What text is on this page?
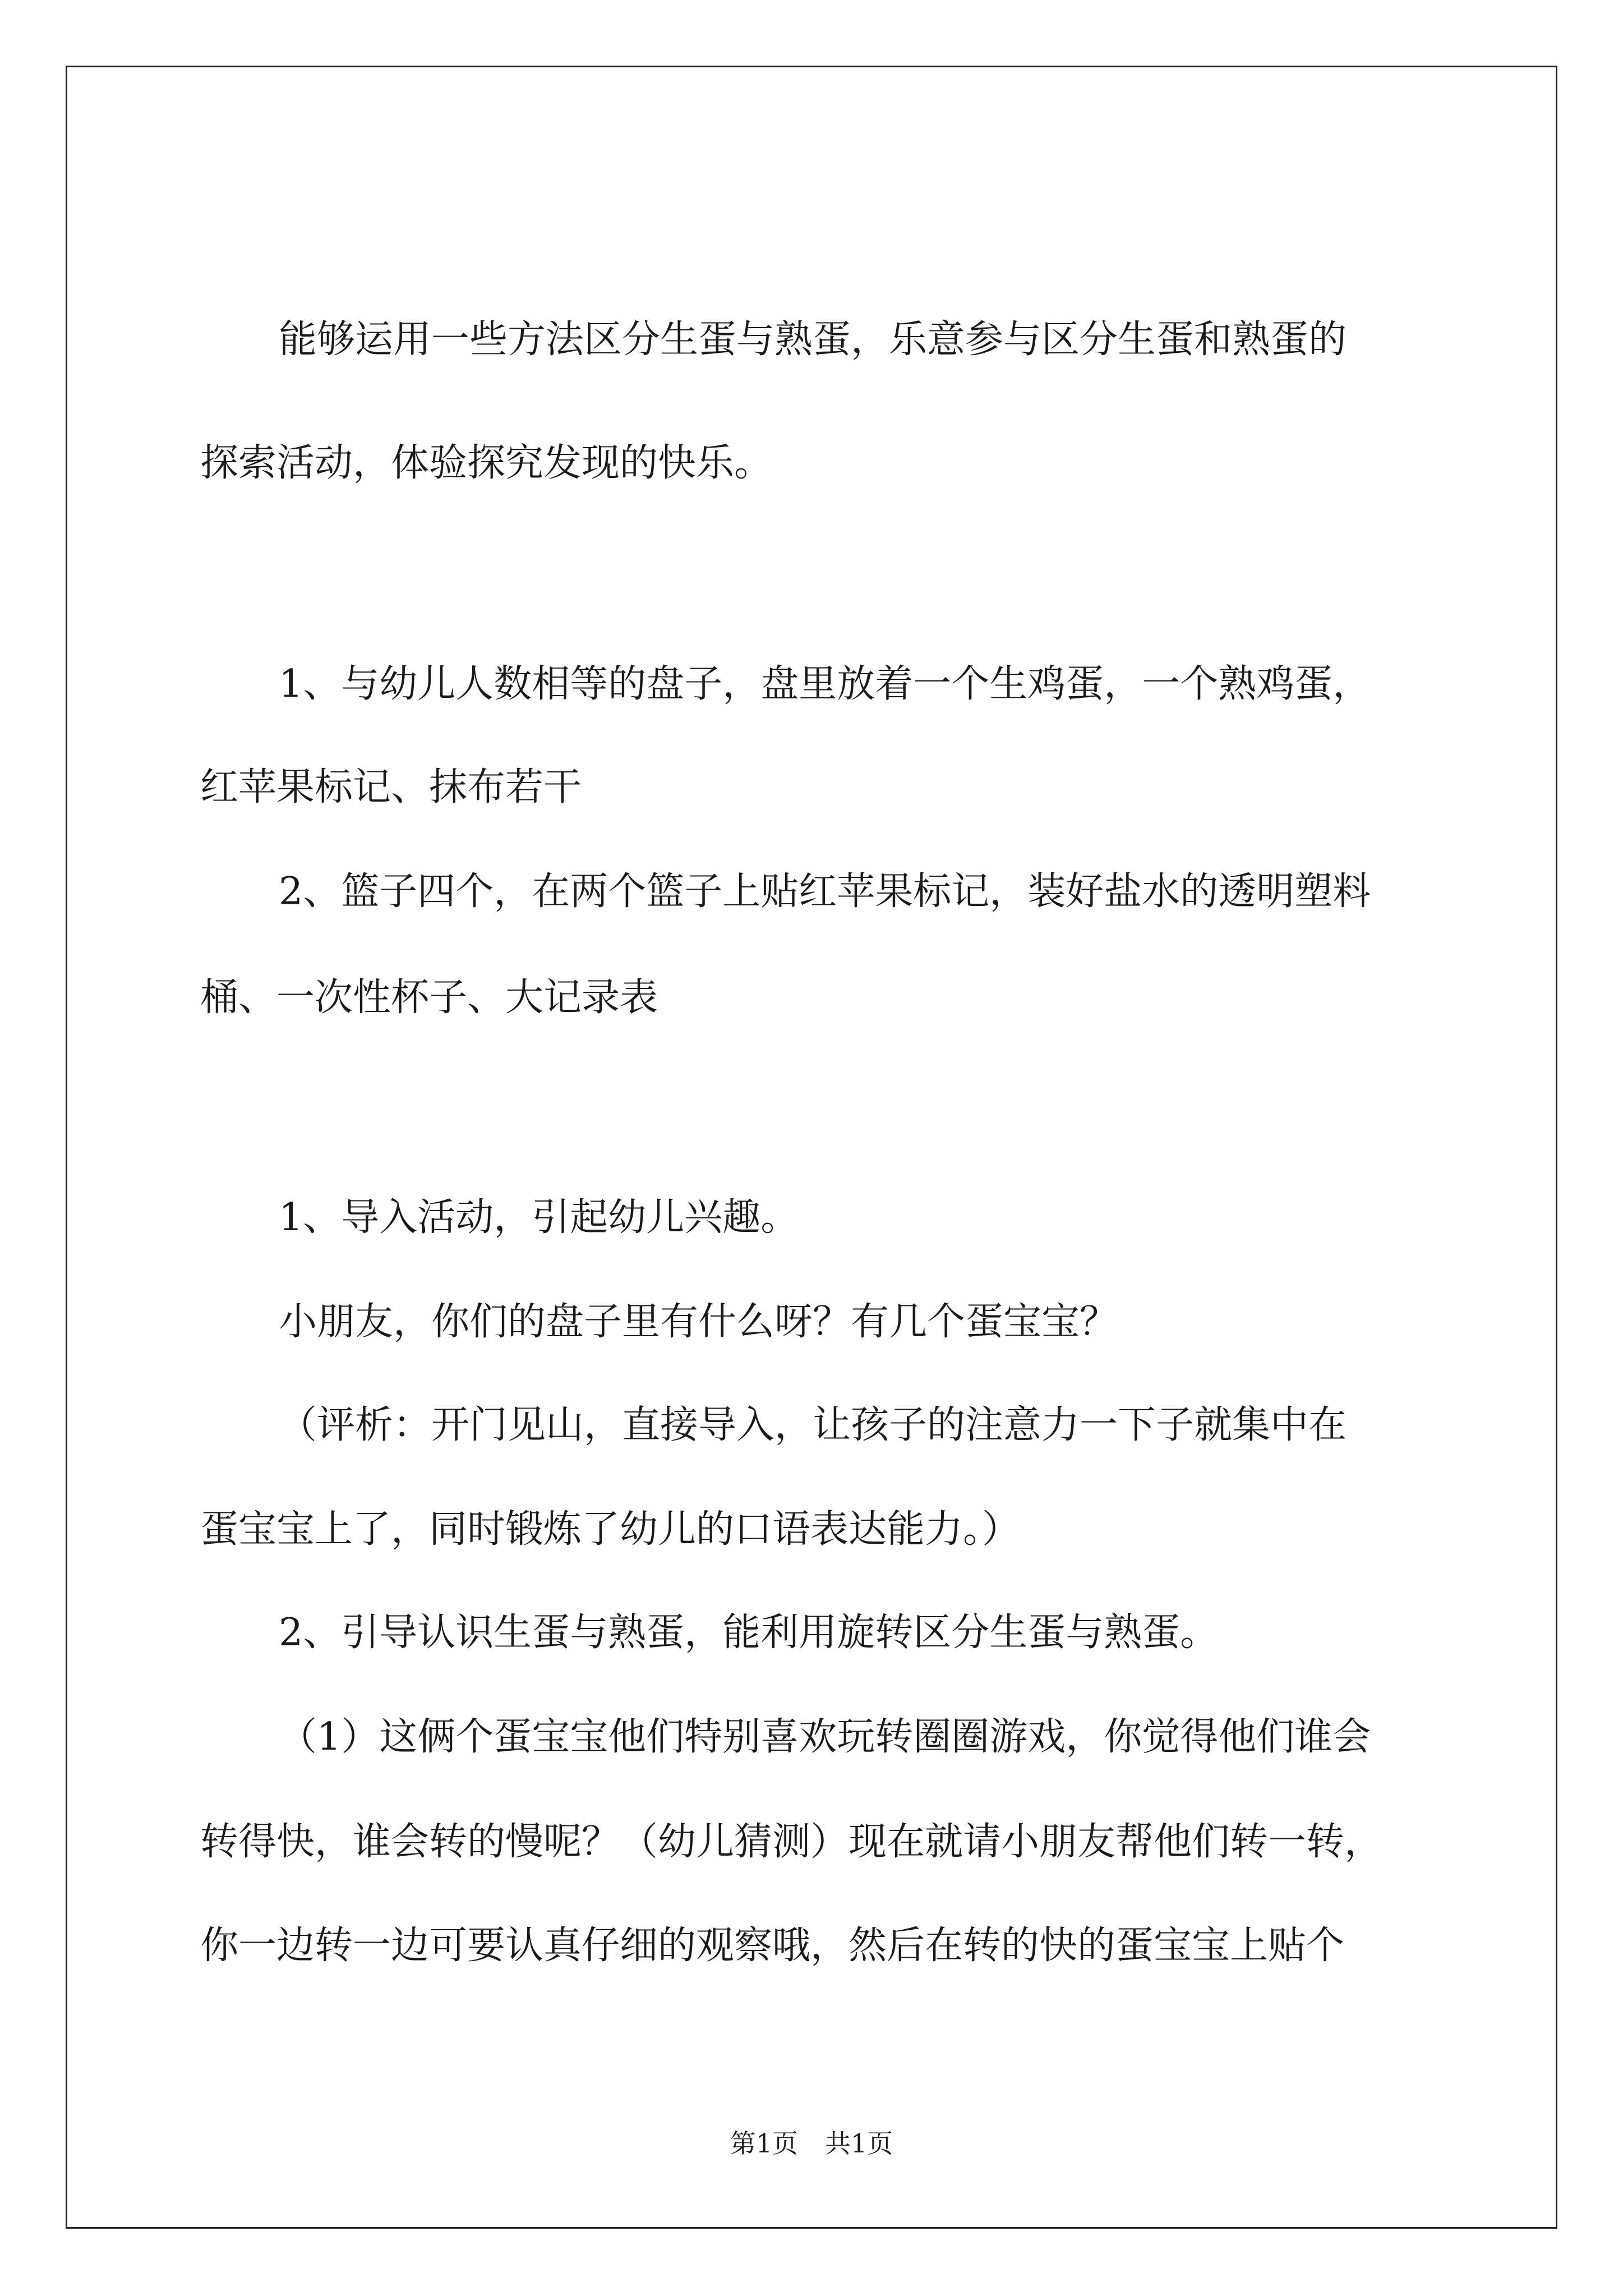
能够运用一些方法区分生蛋与熟蛋，乐意参与区分生蛋和熟蛋的
探索活动，体验探究发现的快乐。
1、与幼儿人数相等的盘子，盘里放着一个生鸡蛋，一个熟鸡蛋，
红苹果标记、抹布若干
2、篮子四个，在两个篮子上贴红苹果标记，装好盐水的透明塑料
桶、一次性杯子、大记录表
1、导入活动，引起幼儿兴趣。
小朋友，你们的盘子里有什么呀？有几个蛋宝宝？
（评析：开门见山，直接导入，让孩子的注意力一下子就集中在
蛋宝宝上了，同时锻炼了幼儿的口语表达能力。）
2、引导认识生蛋与熟蛋，能利用旋转区分生蛋与熟蛋。
（1）这俩个蛋宝宝他们特别喜欢玩转圈圈游戏，你觉得他们谁会
转得快，谁会转的慢呢？（幼儿猜测）现在就请小朋友帮他们转一转，
你一边转一边可要认真仔细的观察哦，然后在转的快的蛋宝宝上贴个
第1页 共1页
